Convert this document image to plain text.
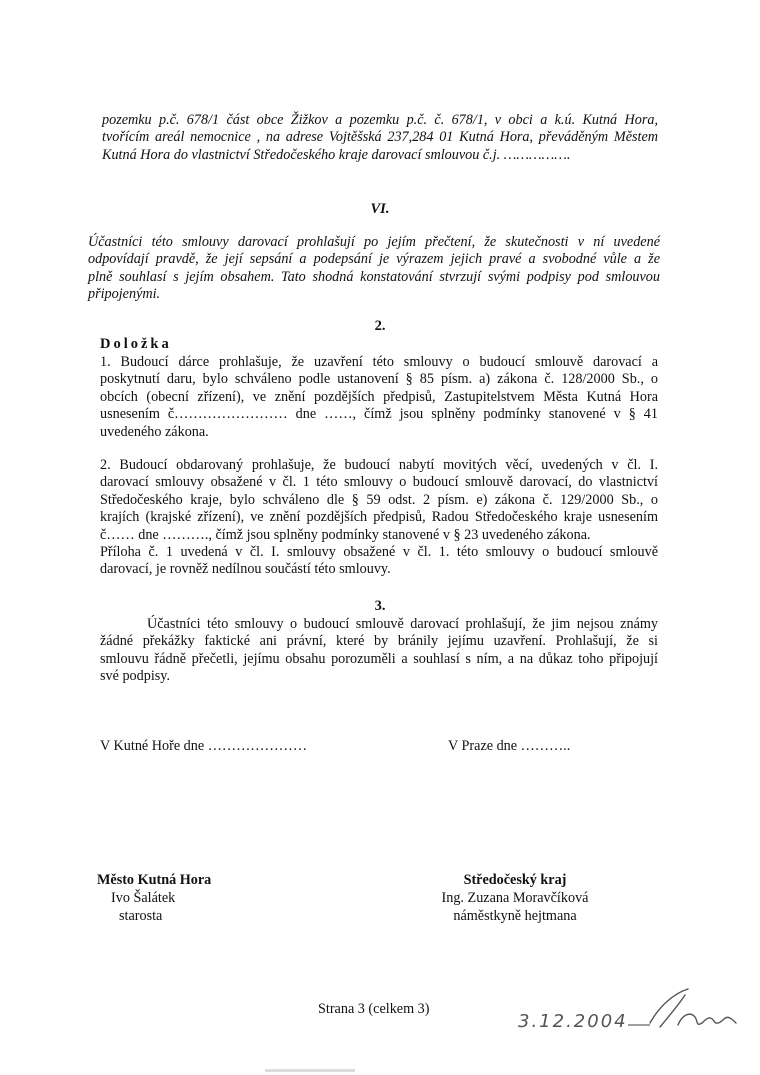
pozemku p.č. 678/1 část obce Žižkov a pozemku p.č. č. 678/1, v obci a k.ú. Kutná Hora,
tvořícím areál nemocnice , na adrese Vojtěšská 237,284 01 Kutná Hora, převáděným Městem
Kutná Hora do vlastnictví Středočeského kraje darovací smlouvou č.j. …………….
VI.
Účastníci této smlouvy darovací prohlašují po jejím přečtení, že skutečnosti v ní uvedené
odpovídají pravdě, že její sepsání a podepsání je výrazem jejich pravé a svobodné vůle a že
plně souhlasí s jejím obsahem. Tato shodná konstatování stvrzují svými podpisy pod smlouvou
připojenými.
2.
Doložka
1. Budoucí dárce prohlašuje, že uzavření této smlouvy o budoucí smlouvě darovací a
poskytnutí daru, bylo schváleno podle ustanovení § 85 písm. a) zákona č. 128/2000 Sb., o
obcích (obecní zřízení), ve znění pozdějších předpisů, Zastupitelstvem Města Kutná Hora
usnesením č…………………… dne ……, čímž jsou splněny podmínky stanovené v § 41
uvedeného zákona.
2. Budoucí obdarovaný prohlašuje, že budoucí nabytí movitých věcí, uvedených v čl. I.
darovací smlouvy obsažené v čl. 1 této smlouvy o budoucí smlouvě darovací, do vlastnictví
Středočeského kraje, bylo schváleno dle § 59 odst. 2 písm. e) zákona č. 129/2000 Sb., o
krajích (krajské zřízení), ve znění pozdějších předpisů, Radou Středočeského kraje usnesením
č…… dne ………., čímž jsou splněny podmínky stanovené v § 23 uvedeného zákona.
Příloha č. 1 uvedená v čl. I. smlouvy obsažené v čl. 1. této smlouvy o budoucí smlouvě
darovací, je rovněž nedílnou součástí této smlouvy.
3.
Účastníci této smlouvy o budoucí smlouvě darovací prohlašují, že jim nejsou známy
žádné překážky faktické ani právní, které by bránily jejímu uzavření. Prohlašují, že si
smlouvu řádně přečetli, jejímu obsahu porozuměli a souhlasí s ním, a na důkaz toho připojují
své podpisy.
V Kutné Hoře dne …………………	V Praze dne ………..
Město Kutná Hora
Ivo Šalátek
starosta
Středočeský kraj
Ing. Zuzana Moravčíková
náměstkyně hejtmana
Strana 3 (celkem 3)
3.12.2004
